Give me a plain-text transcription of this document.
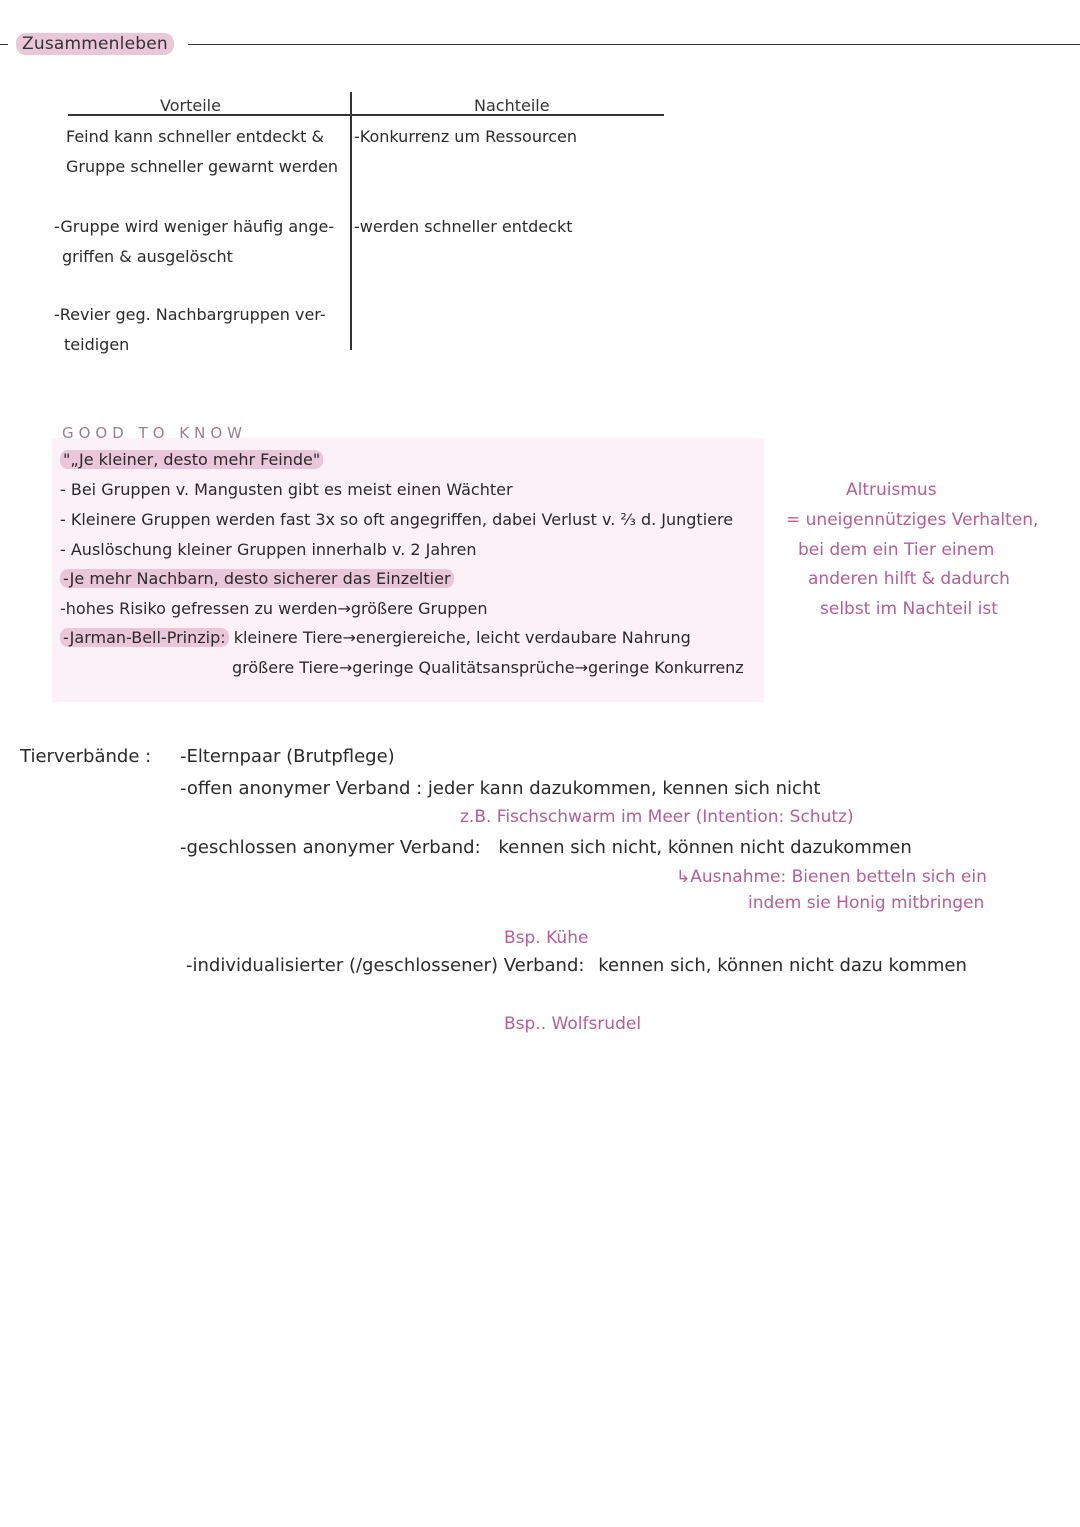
Zusammenleben
Vorteile	Nachteile
Feind kann schneller entdeckt &
Gruppe schneller gewarnt werden
-Gruppe wird weniger häufig ange-
griffen & ausgelöscht
-Revier geg. Nachbargruppen ver-
teidigen
-Konkurrenz um Ressourcen
-werden schneller entdeckt
GOOD TO KNOW
"„Je kleiner, desto mehr Feinde"
- Bei Gruppen v. Mangusten gibt es meist einen Wächter
- Kleinere Gruppen werden fast 3x so oft angegriffen, dabei Verlust v. ²⁄₃ d. Jungtiere
- Auslöschung kleiner Gruppen innerhalb v. 2 Jahren
-Je mehr Nachbarn, desto sicherer das Einzeltier
-hohes Risiko gefressen zu werden→größere Gruppen
-Jarman-Bell-Prinzip: kleinere Tiere→energiereiche, leicht verdaubare Nahrung
größere Tiere→geringe Qualitätsansprüche→geringe Konkurrenz
Altruismus
= uneigennütziges Verhalten,
bei dem ein Tier einem
anderen hilft & dadurch
selbst im Nachteil ist
Tierverbände : -Elternpaar (Brutpflege)
-offen anonymer Verband : jeder kann dazukommen, kennen sich nicht
z.B. Fischschwarm im Meer (Intention: Schutz)
-geschlossen anonymer Verband: kennen sich nicht, können nicht dazukommen
↳Ausnahme: Bienen betteln sich ein
indem sie Honig mitbringen
Bsp. Kühe
-individualisierter (/geschlossener) Verband: kennen sich, können nicht dazu kommen
Bsp.. Wolfsrudel
